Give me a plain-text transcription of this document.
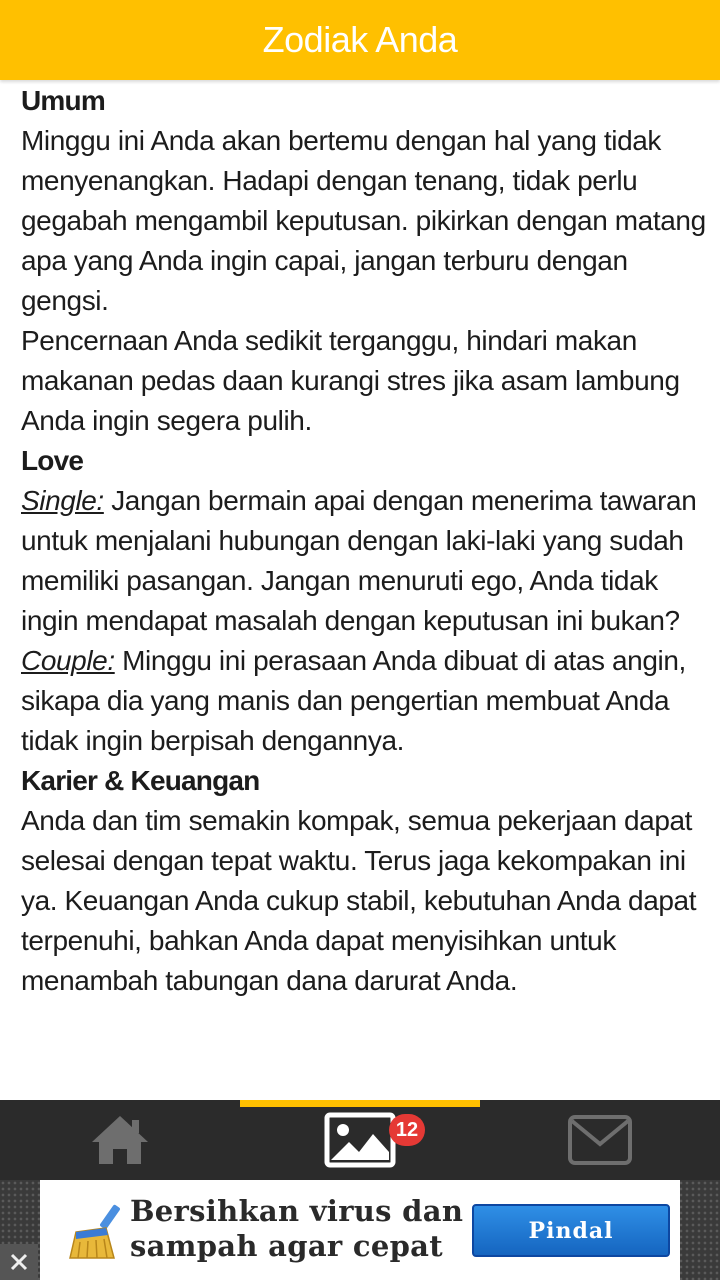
Zodiak Anda
Umum
Minggu ini Anda akan bertemu dengan hal yang tidak menyenangkan. Hadapi dengan tenang, tidak perlu gegabah mengambil keputusan. pikirkan dengan matang apa yang Anda ingin capai, jangan terburu dengan gengsi.
Pencernaan Anda sedikit terganggu, hindari makan makanan pedas daan kurangi stres jika asam lambung Anda ingin segera pulih.
Love
Single: Jangan bermain apai dengan menerima tawaran untuk menjalani hubungan dengan laki-laki yang sudah memiliki pasangan. Jangan menuruti ego, Anda tidak ingin mendapat masalah dengan keputusan ini bukan?
Couple: Minggu ini perasaan Anda dibuat di atas angin, sikapa dia yang manis dan pengertian membuat Anda tidak ingin berpisah dengannya.
Karier & Keuangan
Anda dan tim semakin kompak, semua pekerjaan dapat selesai dengan tepat waktu. Terus jaga kekompakan ini ya. Keuangan Anda cukup stabil, kebutuhan Anda dapat terpenuhi, bahkan Anda dapat menyisihkan untuk menambah tabungan dana darurat Anda.
12
Bersihkan virus dan
sampah agar cepat	Pindal
